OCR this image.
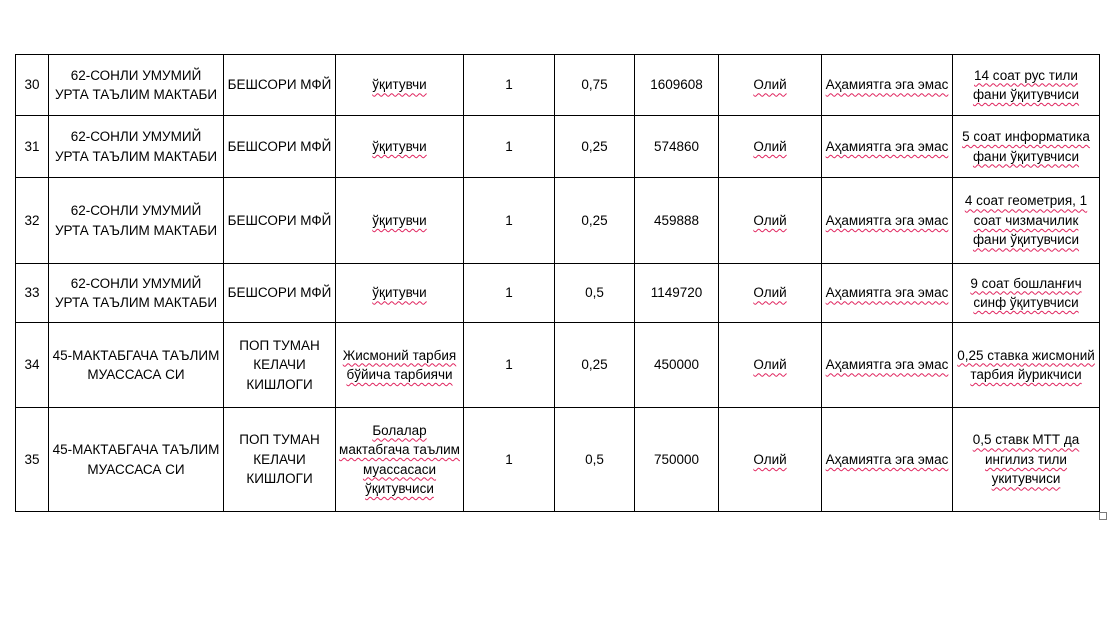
30	62-СОНЛИ УМУМИЙ УРТА ТАЪЛИМ МАКТАБИ	БЕШСОРИ МФЙ	ўқитувчи	1	0,75	1609608	Олий	Аҳамиятга эга эмас	14 соат рус тили фани ўқитувчиси
31	62-СОНЛИ УМУМИЙ УРТА ТАЪЛИМ МАКТАБИ	БЕШСОРИ МФЙ	ўқитувчи	1	0,25	574860	Олий	Аҳамиятга эга эмас	5 соат информатика фани ўқитувчиси
32	62-СОНЛИ УМУМИЙ УРТА ТАЪЛИМ МАКТАБИ	БЕШСОРИ МФЙ	ўқитувчи	1	0,25	459888	Олий	Аҳамиятга эга эмас	4 соат геометрия, 1 соат чизмачилик фани ўқитувчиси
33	62-СОНЛИ УМУМИЙ УРТА ТАЪЛИМ МАКТАБИ	БЕШСОРИ МФЙ	ўқитувчи	1	0,5	1149720	Олий	Аҳамиятга эга эмас	9 соат бошланғич синф ўқитувчиси
34	45-МАКТАБГАЧА ТАЪЛИМ МУАССАСА СИ	ПОП ТУМАН КЕЛАЧИ КИШЛОГИ	Жисмоний тарбия бўйича тарбиячи	1	0,25	450000	Олий	Аҳамиятга эга эмас	0,25 ставка жисмоний тарбия йурикчиси
35	45-МАКТАБГАЧА ТАЪЛИМ МУАССАСА СИ	ПОП ТУМАН КЕЛАЧИ КИШЛОГИ	Болалар мактабгача таълим муассасаси ўқитувчиси	1	0,5	750000	Олий	Аҳамиятга эга эмас	0,5 ставк МТТ да ингилиз тили укитувчиси
